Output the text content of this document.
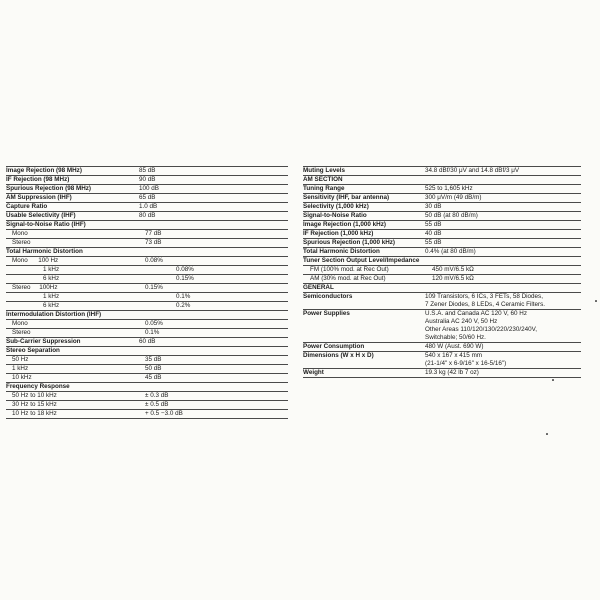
Image Rejection (98 MHz)	85 dB
IF Rejection (98 MHz)	90 dB
Spurious Rejection (98 MHz)	100 dB
AM Suppression (IHF)	65 dB
Capture Ratio	1.0 dB
Usable Selectivity (IHF)	80 dB
Signal-to-Noise Ratio (IHF)
Mono	77 dB
Stereo	73 dB
Total Harmonic Distortion
Mono      100 Hz	0.08%
1 kHz	0.08%
6 kHz	0.15%
Stereo     100Hz	0.15%
1 kHz	0.1%
6 kHz	0.2%
Intermodulation Distortion (IHF)
Mono	0.05%
Stereo	0.1%
Sub-Carrier Suppression	60 dB
Stereo Separation
50 Hz	35 dB
1 kHz	50 dB
10 kHz	45 dB
Frequency Response
50 Hz to 10 kHz	± 0.3 dB
30 Hz to 15 kHz	± 0.5 dB
10 Hz to 18 kHz	+ 0.5 −3.0 dB
Muting Levels	34.8 dBf/30 μV and 14.8 dBf/3 μV
AM SECTION
Tuning Range	525 to 1,605 kHz
Sensitivity (IHF, bar antenna)	300 μV/m (49 dB/m)
Selectivity (1,000 kHz)	30 dB
Signal-to-Noise Ratio	50 dB (at 80 dB/m)
Image Rejection (1,000 kHz)	55 dB
IF Rejection (1,000 kHz)	40 dB
Spurious Rejection (1,000 kHz)	55 dB
Total Harmonic Distortion	0.4% (at 80 dB/m)
Tuner Section Output Level/Impedance
FM (100% mod. at Rec Out)	450 mV/6.5 kΩ
AM (30% mod. at Rec Out)	120 mV/6.5 kΩ
GENERAL
Semiconductors	109 Transistors, 6 ICs, 3 FETs, 58 Diodes,
7 Zener Diodes, 8 LEDs, 4 Ceramic Filters.
Power Supplies	U.S.A. and Canada AC 120 V, 60 Hz
Australia AC 240 V, 50 Hz
Other Areas 110/120/130/220/230/240V,
Switchable; 50/60 Hz.
Power Consumption	480 W (Aust. 690 W)
Dimensions (W x H x D)	540 x 167 x 415 mm
(21-1/4" x 6-9/16" x 16-5/16")
Weight	19.3 kg (42 lb 7 oz)
